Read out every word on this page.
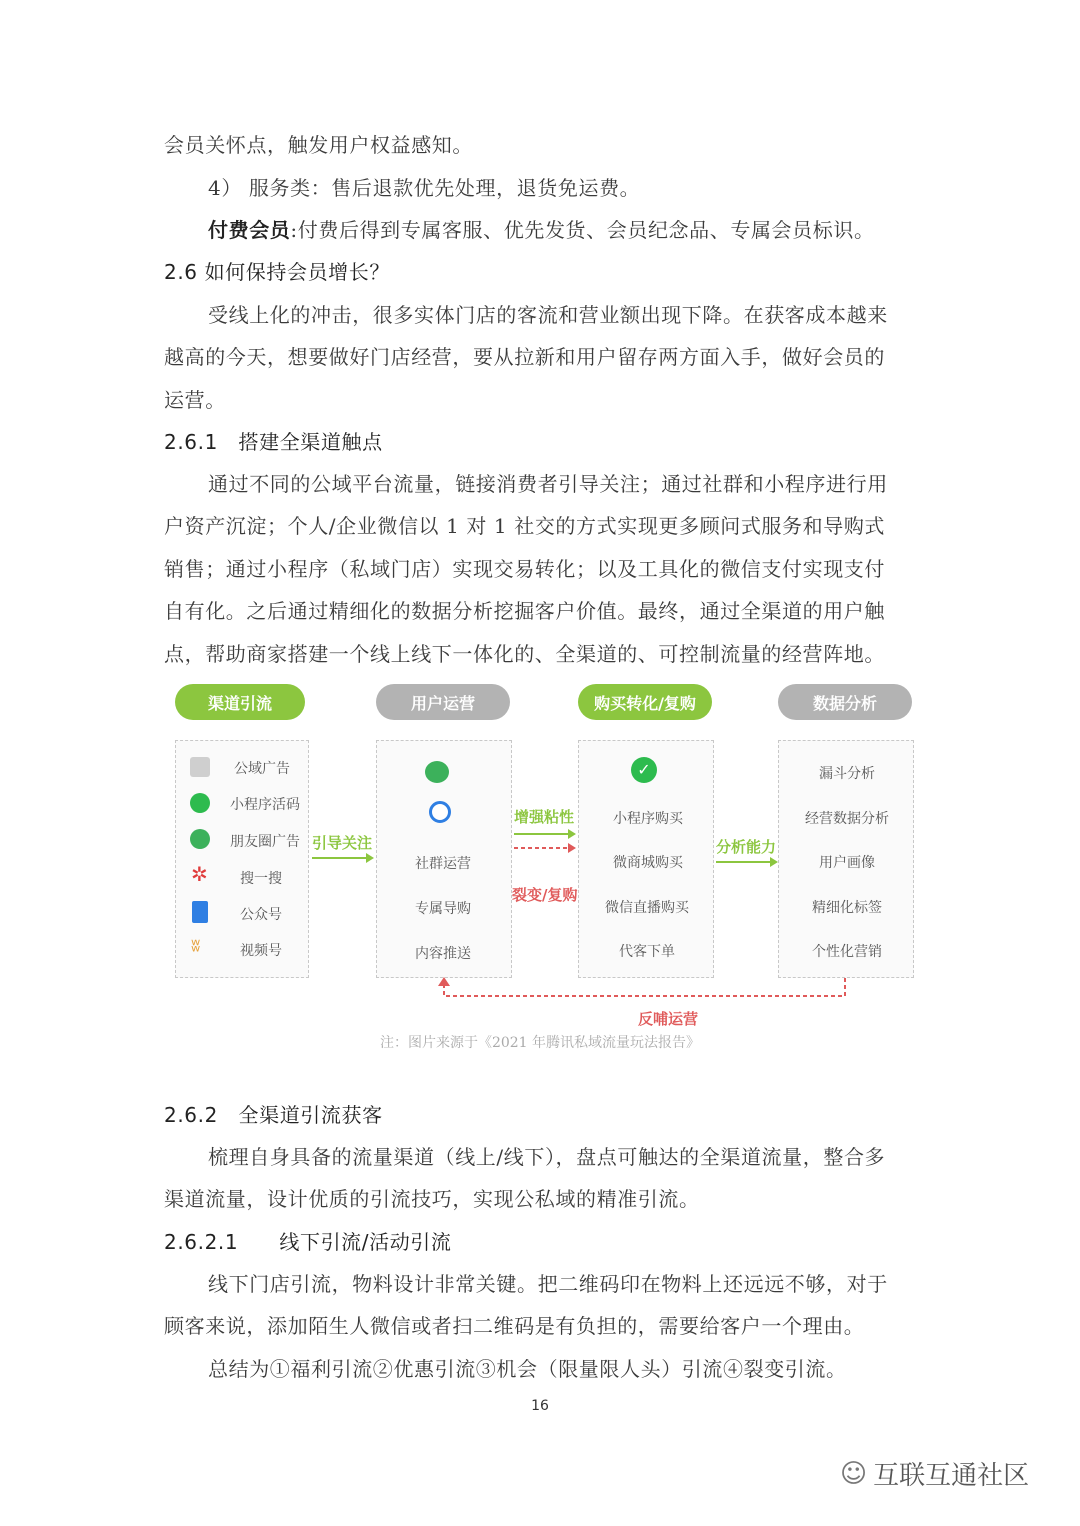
会员关怀点，触发用户权益感知。
4） 服务类：售后退款优先处理，退货免运费。
付费会员:付费后得到专属客服、优先发货、会员纪念品、专属会员标识。
2.6 如何保持会员增长？
受线上化的冲击，很多实体门店的客流和营业额出现下降。在获客成本越来
越高的今天，想要做好门店经营，要从拉新和用户留存两方面入手，做好会员的
运营。
2.6.1　搭建全渠道触点
通过不同的公域平台流量，链接消费者引导关注；通过社群和小程序进行用
户资产沉淀；个人/企业微信以 1 对 1 社交的方式实现更多顾问式服务和导购式
销售；通过小程序（私域门店）实现交易转化；以及工具化的微信支付实现支付
自有化。之后通过精细化的数据分析挖掘客户价值。最终，通过全渠道的用户触
点，帮助商家搭建一个线上线下一体化的、全渠道的、可控制流量的经营阵地。
渠道引流	用户运营	购买转化/复购	数据分析
公域广告
小程序活码
朋友圈广告
✲ 搜一搜
公众号
ʬ	视频号
引导关注
社群运营
专属导购
内容推送
增强粘性
裂变/复购
✓
小程序购买
微商城购买
微信直播购买
代客下单
分析能力
漏斗分析
经营数据分析
用户画像
精细化标签
个性化营销
反哺运营
注：图片来源于《2021 年腾讯私域流量玩法报告》
2.6.2　全渠道引流获客
梳理自身具备的流量渠道（线上/线下），盘点可触达的全渠道流量，整合多
渠道流量，设计优质的引流技巧，实现公私域的精准引流。
2.6.2.1　　线下引流/活动引流
线下门店引流，物料设计非常关键。把二维码印在物料上还远远不够，对于
顾客来说，添加陌生人微信或者扫二维码是有负担的，需要给客户一个理由。
总结为①福利引流②优惠引流③机会（限量限人头）引流④裂变引流。
16
☺ 互联互通社区
